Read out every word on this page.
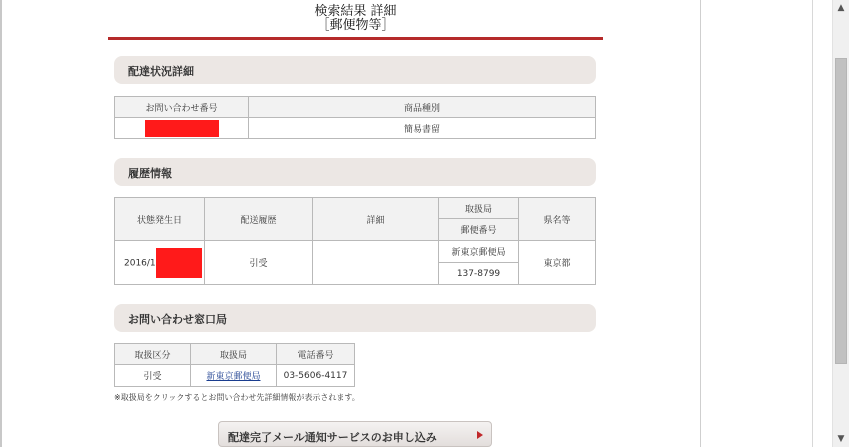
▲
▼
検索結果 詳細
［郵便物等］
配達状況詳細
お問い合わせ番号	商品種別
	簡易書留
履歴情報
状態発生日	配送履歴	詳細	取扱局	県名等
			郵便番号	
2016/1	引受		新東京郵便局	東京都
			137-8799	
お問い合わせ窓口局
取扱区分	取扱局	電話番号
引受	新東京郵便局	03-5606-4117
※取扱局をクリックするとお問い合わせ先詳細情報が表示されます。
配達完了メール通知サービスのお申し込み
